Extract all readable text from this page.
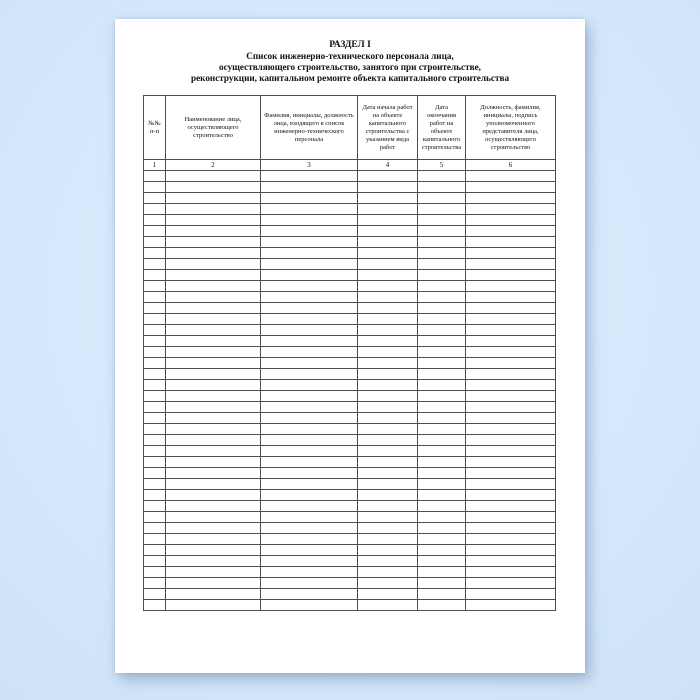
РАЗДЕЛ I
Список инженерно-технического персонала лица,
осуществляющего строительство, занятого при строительстве,
реконструкции, капитальном ремонте объекта капитального строительства
№№ п-п	Наименование лица, осуществляющего строительство	Фамилия, инициалы, должность лица, входящего в список инженерно-технического персонала	Дата начала работ на объекте капитального строительства с указанием вида работ	Дата окончания работ на объекте капитального строительства	Должность, фамилия, инициалы, подпись уполномоченного представителя лица, осуществляющего строительство
1	2	3	4	5	6
